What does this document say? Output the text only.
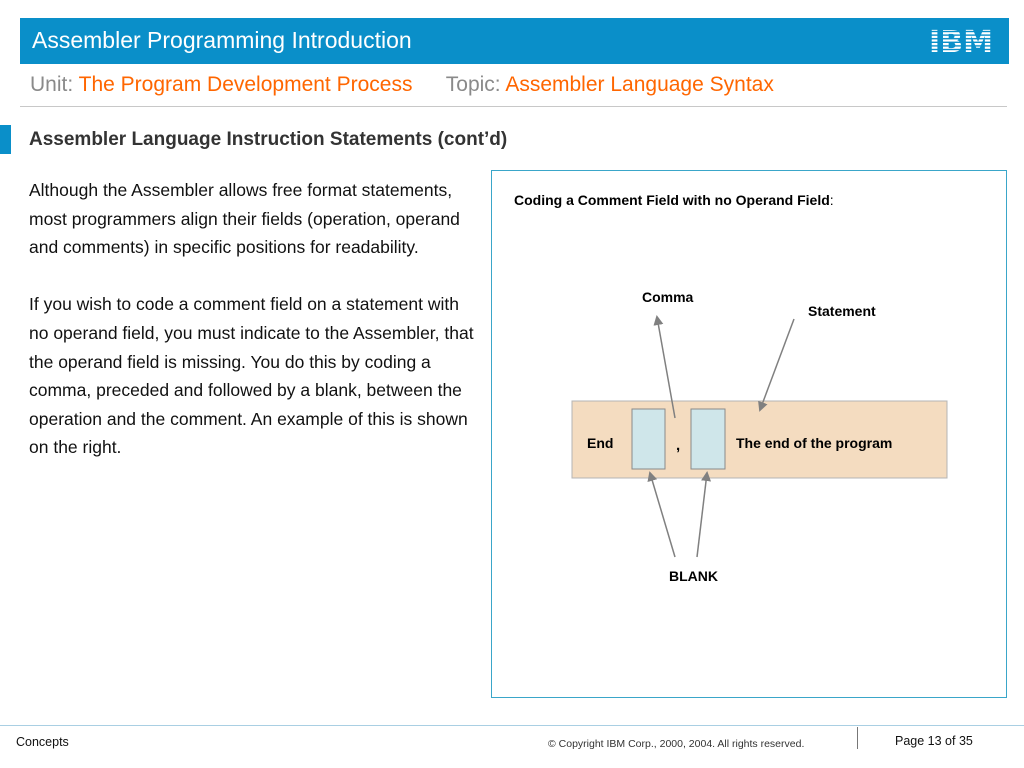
Assembler Programming Introduction
Unit: The Program Development Process Topic: Assembler Language Syntax
Assembler Language Instruction Statements (cont’d)

Although the Assembler allows free format statements, most programmers align their fields (operation, operand and comments) in specific positions for readability.

If you wish to code a comment field on a statement with no operand field, you must indicate to the Assembler, that the operand field is missing. You do this by coding a comma, preceded and followed by a blank, between the operation and the comment. An example of this is shown on the right.

Coding a Comment Field with no Operand Field:
Comma
Statement
End	,	The end of the program
BLANK
Concepts	© Copyright IBM Corp., 2000, 2004. All rights reserved.	Page 13 of 35
